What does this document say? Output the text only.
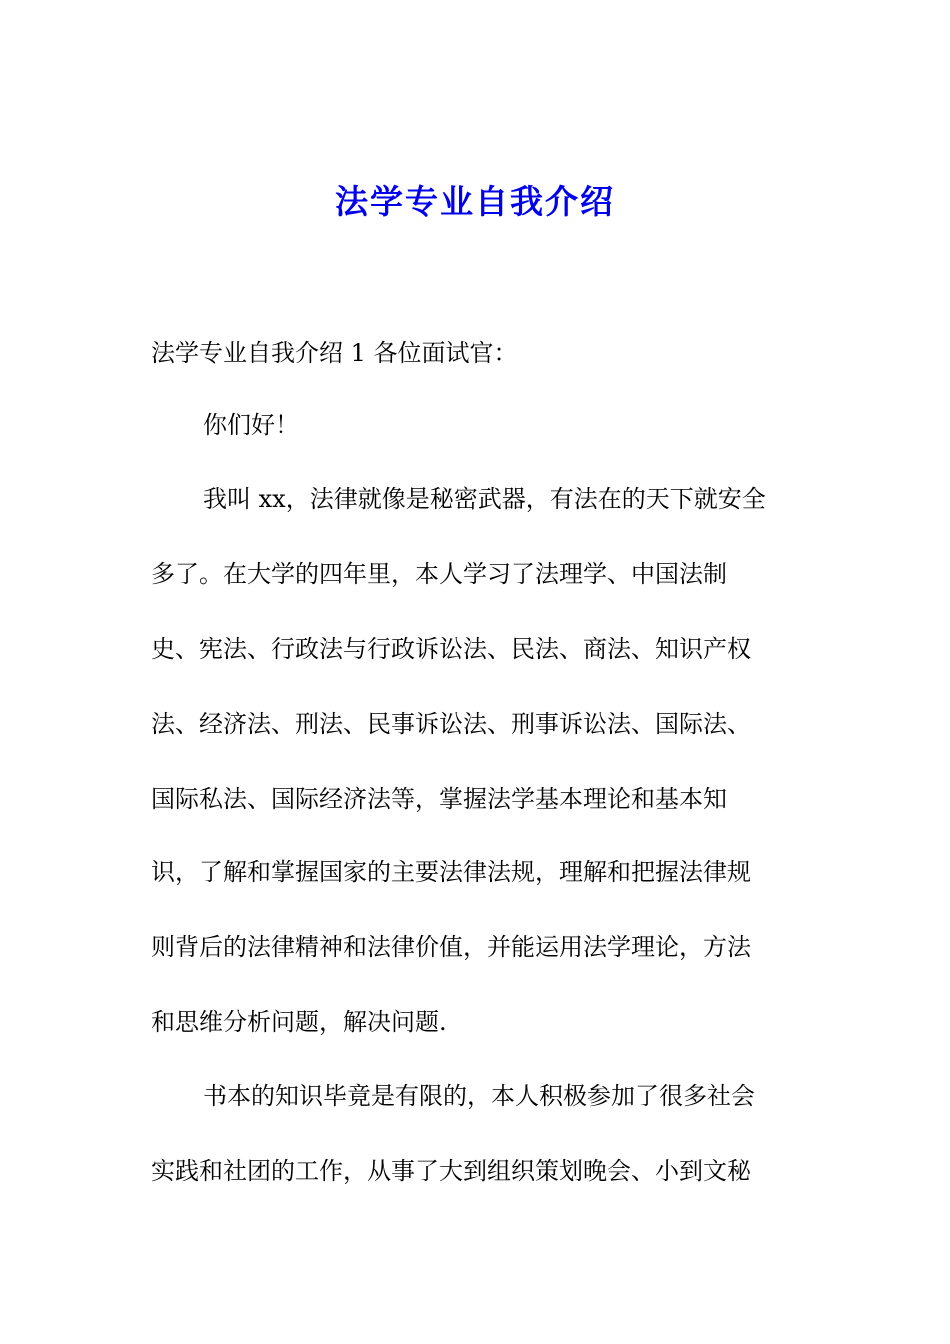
法学专业自我介绍
法学专业自我介绍 1 各位面试官：
你们好！
我叫 xx，法律就像是秘密武器，有法在的天下就安全
多了。在大学的四年里，本人学习了法理学、中国法制
史、宪法、行政法与行政诉讼法、民法、商法、知识产权
法、经济法、刑法、民事诉讼法、刑事诉讼法、国际法、
国际私法、国际经济法等，掌握法学基本理论和基本知
识，了解和掌握国家的主要法律法规，理解和把握法律规
则背后的法律精神和法律价值，并能运用法学理论，方法
和思维分析问题，解决问题.
书本的知识毕竟是有限的，本人积极参加了很多社会
实践和社团的工作，从事了大到组织策划晚会、小到文秘
